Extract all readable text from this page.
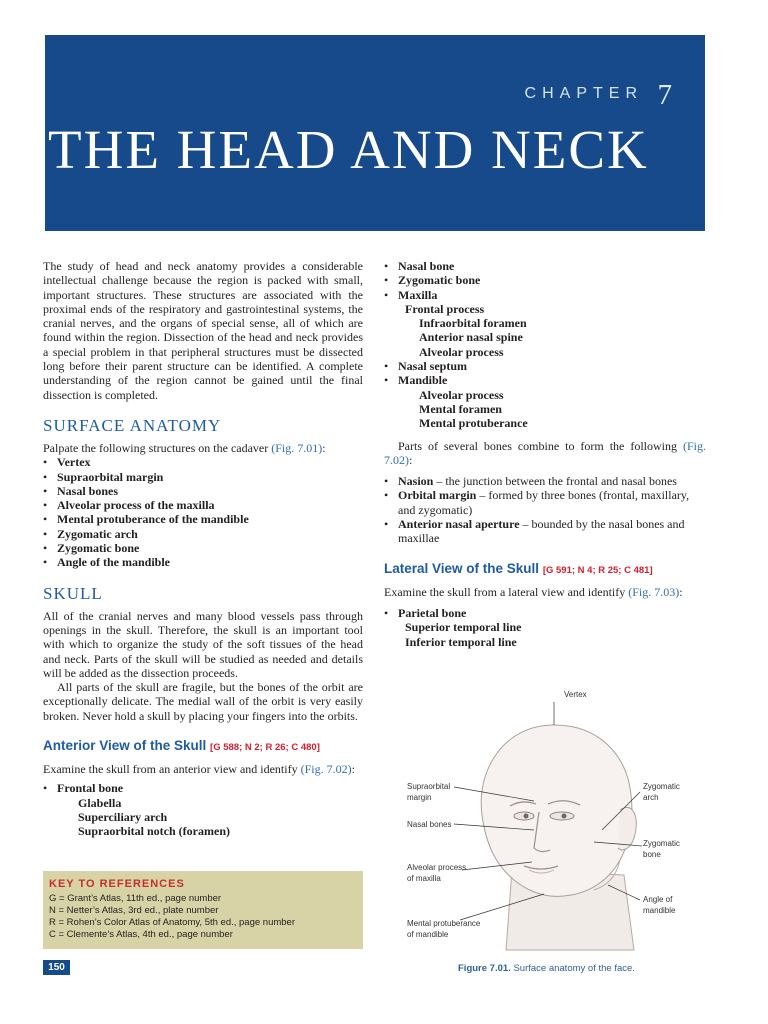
CHAPTER 7
THE HEAD AND NECK

The study of head and neck anatomy provides a considerable intellectual challenge because the region is packed with small, important structures. These structures are associated with the proximal ends of the respiratory and gastrointestinal systems, the cranial nerves, and the organs of special sense, all of which are found within the region. Dissection of the head and neck provides a special problem in that peripheral structures must be dissected long before their parent structure can be identified. A complete understanding of the region cannot be gained until the final dissection is completed.

SURFACE ANATOMY

Palpate the following structures on the cadaver (Fig. 7.01):

• Vertex
• Supraorbital margin
• Nasal bones
• Alveolar process of the maxilla
• Mental protuberance of the mandible
• Zygomatic arch
• Zygomatic bone
• Angle of the mandible
SKULL

All of the cranial nerves and many blood vessels pass through openings in the skull. Therefore, the skull is an important tool with which to organize the study of the soft tissues of the head and neck. Parts of the skull will be studied as needed and details will be added as the dissection proceeds.

All parts of the skull are fragile, but the bones of the orbit are exceptionally delicate. The medial wall of the orbit is very easily broken. Never hold a skull by placing your fingers into the orbits.

Anterior View of the Skull [G 588; N 2; R 26; C 480]

Examine the skull from an anterior view and identify (Fig. 7.02):

• Frontal bone
Glabella
Superciliary arch
Supraorbital notch (foramen)
KEY TO REFERENCES
G = Grant’s Atlas, 11th ed., page number
N = Netter’s Atlas, 3rd ed., plate number
R = Rohen’s Color Atlas of Anatomy, 5th ed., page number
C = Clemente’s Atlas, 4th ed., page number
150
• Nasal bone
• Zygomatic bone
• Maxilla
Frontal process
Infraorbital foramen
Anterior nasal spine
Alveolar process
• Nasal septum
• Mandible
Alveolar process
Mental foramen
Mental protuberance

Parts of several bones combine to form the following (Fig. 7.02):

• Nasion – the junction between the frontal and nasal bones
• Orbital margin – formed by three bones (frontal, maxillary, and zygomatic)
• Anterior nasal aperture – bounded by the nasal bones and maxillae
Lateral View of the Skull [G 591; N 4; R 25; C 481]

Examine the skull from a lateral view and identify (Fig. 7.03):

• Parietal bone
Superior temporal line
Inferior temporal line
Vertex
Supraorbital
margin
Nasal bones
Alveolar process
of maxilla
Mental protuberance
of mandible
Zygomatic
arch
Zygomatic
bone
Angle of
mandible
Figure 7.01. Surface anatomy of the face.
